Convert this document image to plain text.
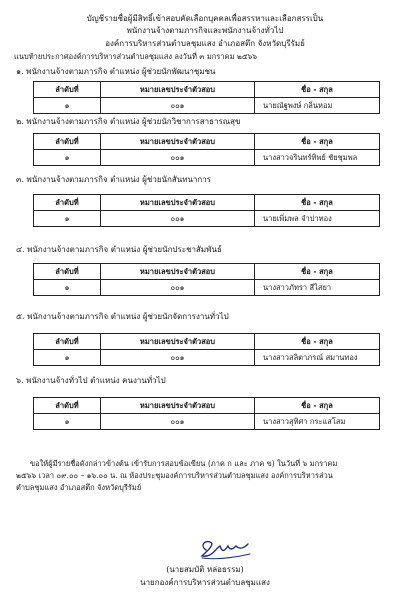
บัญชีรายชื่อผู้มีสิทธิ์เข้าสอบคัดเลือกบุคคลเพื่อสรรหาและเลือกสรรเป็น
พนักงานจ้างตามภารกิจและพนักงานจ้างทั่วไป
องค์การบริหารส่วนตำบลชุมแสง อำเภอสตึก จังหวัดบุรีรัมย์
แนบท้ายประกาศองค์การบริหารส่วนตำบลชุมแสง ลงวันที่ ๓ มกราคม ๒๕๖๖
๑. พนักงานจ้างตามภารกิจ ตำแหน่ง ผู้ช่วยนักพัฒนาชุมชน
ลำดับที่	หมายเลขประจำตัวสอบ	ชื่อ - สกุล
๑	๐๐๑	นายณัฐพงษ์ กลิ่นหอม
๒. พนักงานจ้างตามภารกิจ ตำแหน่ง ผู้ช่วยนักวิชาการสาธารณสุข
ลำดับที่	หมายเลขประจำตัวสอบ	ชื่อ - สกุล
๑	๐๐๑	นางสาวจรินทร์ทิพย์ ชัยชุมพล
๓. พนักงานจ้างตามภารกิจ ตำแหน่ง ผู้ช่วยนักสันทนาการ
ลำดับที่	หมายเลขประจำตัวสอบ	ชื่อ - สกุล
๑	๐๐๑	นายเพิ่มพล จำปาทอง
๔. พนักงานจ้างตามภารกิจ ตำแหน่ง ผู้ช่วยนักประชาสัมพันธ์
ลำดับที่	หมายเลขประจำตัวสอบ	ชื่อ - สกุล
๑	๐๐๑	นางสาวภัทรา สีไสยา
๕. พนักงานจ้างตามภารกิจ ตำแหน่ง ผู้ช่วยนักจัดการงานทั่วไป
ลำดับที่	หมายเลขประจำตัวสอบ	ชื่อ - สกุล
๑	๐๐๑	นางสาวสลิตาภรณ์ สมานทอง
๖. พนักงานจ้างทั่วไป ตำแหน่ง คนงานทั่วไป
ลำดับที่	หมายเลขประจำตัวสอบ	ชื่อ - สกุล
๑	๐๐๑	นางสาวสุทิศา กระแสโสม

ขอให้ผู้มีรายชื่อดังกล่าวข้างต้น เข้ารับการสอบข้อเขียน (ภาค ก และ ภาค ข) ในวันที่ ๖ มกราคม

๒๕๖๖ เวลา ๐๙.๐๐ – ๑๖.๐๐ น. ณ ห้องประชุมองค์การบริหารส่วนตำบลชุมแสง องค์การบริหารส่วน

ตำบลชุมแสง อำเภอสตึก จังหวัดบุรีรัมย์

(นายสมบัติ หล่อธรรม)
นายกองค์การบริหารส่วนตำบลชุมแสง
